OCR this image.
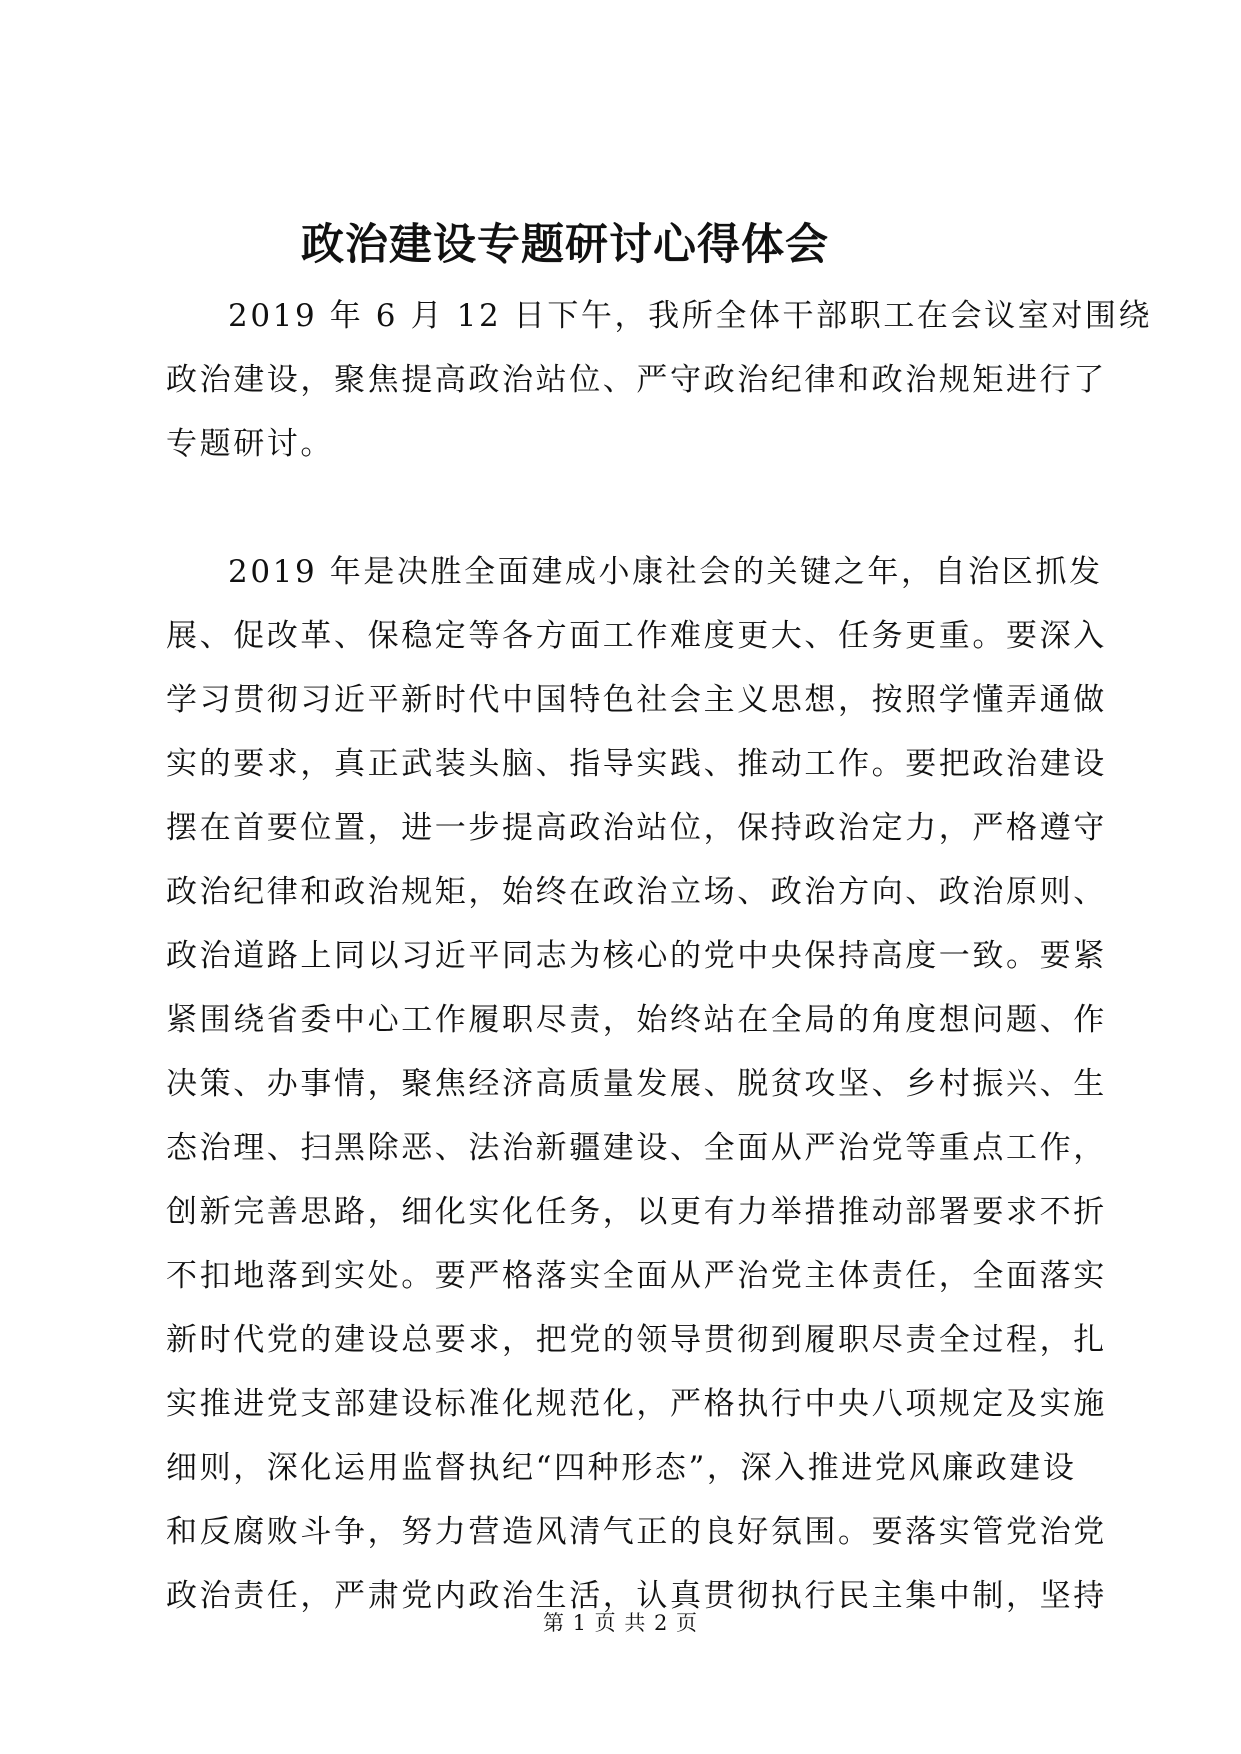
政治建设专题研讨心得体会
2019 年 6 月 12 日下午，我所全体干部职工在会议室对围绕
政治建设，聚焦提高政治站位、严守政治纪律和政治规矩进行了
专题研讨。
2019 年是决胜全面建成小康社会的关键之年，自治区抓发
展、促改革、保稳定等各方面工作难度更大、任务更重。要深入
学习贯彻习近平新时代中国特色社会主义思想，按照学懂弄通做
实的要求，真正武装头脑、指导实践、推动工作。要把政治建设
摆在首要位置，进一步提高政治站位，保持政治定力，严格遵守
政治纪律和政治规矩，始终在政治立场、政治方向、政治原则、
政治道路上同以习近平同志为核心的党中央保持高度一致。要紧
紧围绕省委中心工作履职尽责，始终站在全局的角度想问题、作
决策、办事情，聚焦经济高质量发展、脱贫攻坚、乡村振兴、生
态治理、扫黑除恶、法治新疆建设、全面从严治党等重点工作，
创新完善思路，细化实化任务，以更有力举措推动部署要求不折
不扣地落到实处。要严格落实全面从严治党主体责任，全面落实
新时代党的建设总要求，把党的领导贯彻到履职尽责全过程，扎
实推进党支部建设标准化规范化，严格执行中央八项规定及实施
细则，深化运用监督执纪“四种形态”，深入推进党风廉政建设
和反腐败斗争，努力营造风清气正的良好氛围。要落实管党治党
政治责任，严肃党内政治生活，认真贯彻执行民主集中制，坚持
第 1 页 共 2 页
